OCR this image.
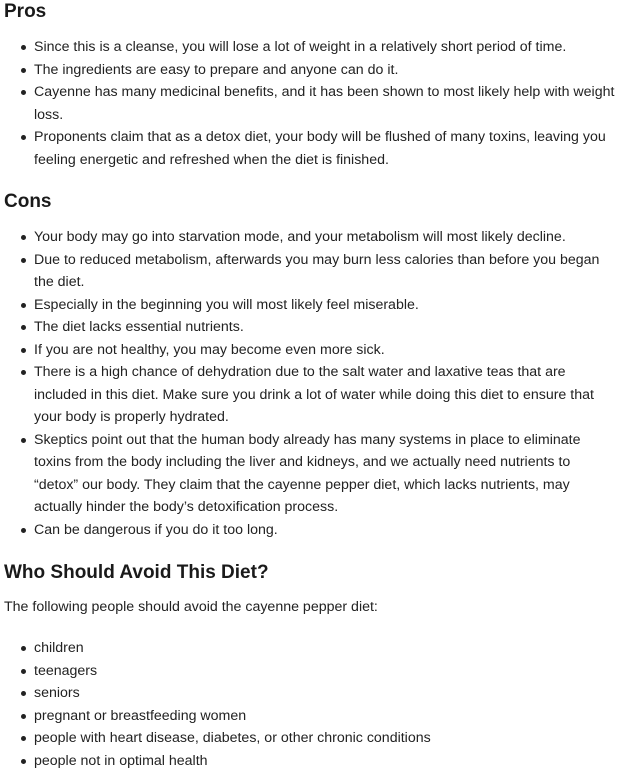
Pros
Since this is a cleanse, you will lose a lot of weight in a relatively short period of time.
The ingredients are easy to prepare and anyone can do it.
Cayenne has many medicinal benefits, and it has been shown to most likely help with weight loss.
Proponents claim that as a detox diet, your body will be flushed of many toxins, leaving you feeling energetic and refreshed when the diet is finished.
Cons
Your body may go into starvation mode, and your metabolism will most likely decline.
Due to reduced metabolism, afterwards you may burn less calories than before you began the diet.
Especially in the beginning you will most likely feel miserable.
The diet lacks essential nutrients.
If you are not healthy, you may become even more sick.
There is a high chance of dehydration due to the salt water and laxative teas that are included in this diet. Make sure you drink a lot of water while doing this diet to ensure that your body is properly hydrated.
Skeptics point out that the human body already has many systems in place to eliminate toxins from the body including the liver and kidneys, and we actually need nutrients to “detox” our body. They claim that the cayenne pepper diet, which lacks nutrients, may actually hinder the body’s detoxification process.
Can be dangerous if you do it too long.
Who Should Avoid This Diet?

The following people should avoid the cayenne pepper diet:

children
teenagers
seniors
pregnant or breastfeeding women
people with heart disease, diabetes, or other chronic conditions
people not in optimal health
